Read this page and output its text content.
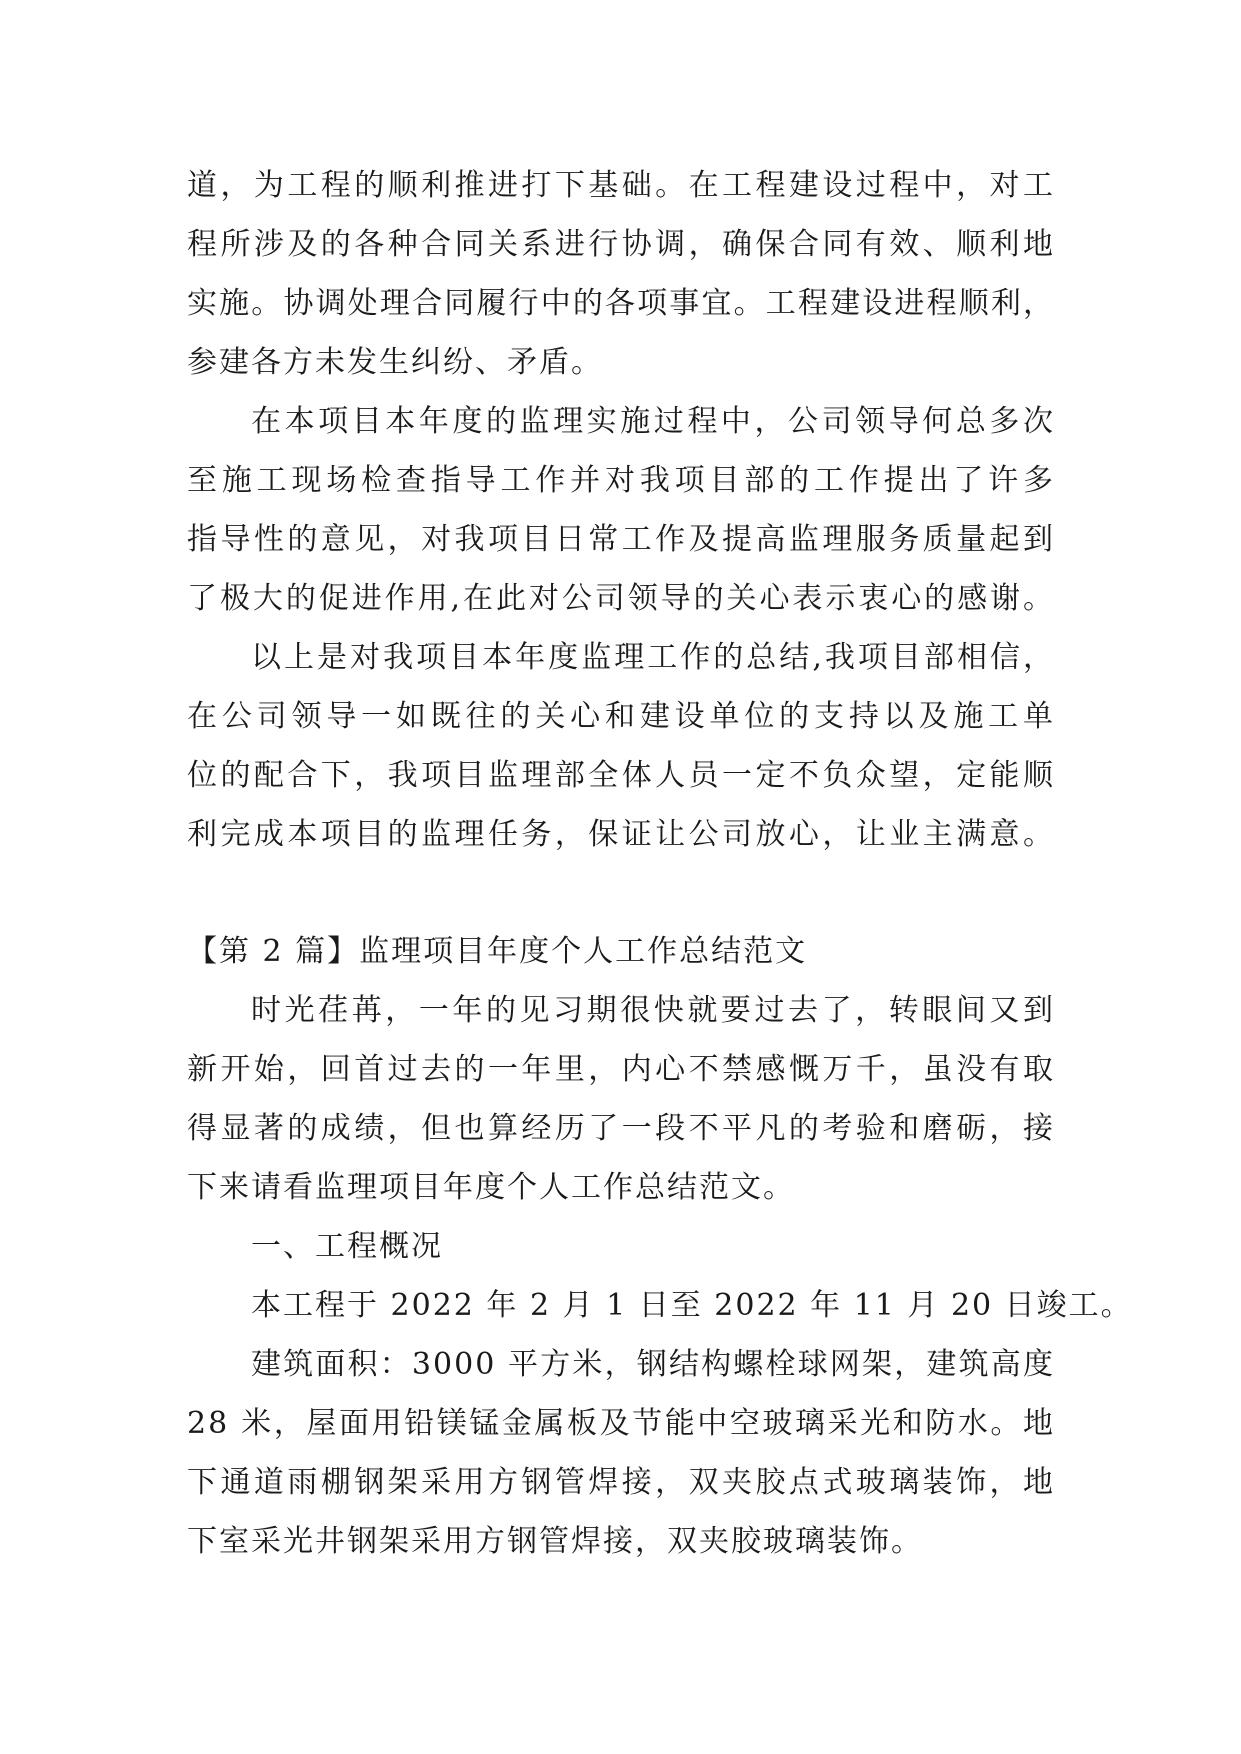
道，为工程的顺利推进打下基础。在工程建设过程中，对工
程所涉及的各种合同关系进行协调，确保合同有效、顺利地
实施。协调处理合同履行中的各项事宜。工程建设进程顺利，
参建各方未发生纠纷、矛盾。
在本项目本年度的监理实施过程中，公司领导何总多次
至施工现场检查指导工作并对我项目部的工作提出了许多
指导性的意见，对我项目日常工作及提高监理服务质量起到
了极大的促进作用,在此对公司领导的关心表示衷心的感谢。
以上是对我项目本年度监理工作的总结,我项目部相信，
在公司领导一如既往的关心和建设单位的支持以及施工单
位的配合下，我项目监理部全体人员一定不负众望，定能顺
利完成本项目的监理任务，保证让公司放心，让业主满意。
【第 2 篇】监理项目年度个人工作总结范文
时光荏苒，一年的见习期很快就要过去了，转眼间又到
新开始，回首过去的一年里，内心不禁感慨万千，虽没有取
得显著的成绩，但也算经历了一段不平凡的考验和磨砺，接
下来请看监理项目年度个人工作总结范文。
一、工程概况
本工程于 2022 年 2 月 1 日至 2022 年 11 月 20 日竣工。
建筑面积：3000 平方米，钢结构螺栓球网架，建筑高度
28 米，屋面用铅镁锰金属板及节能中空玻璃采光和防水。地
下通道雨棚钢架采用方钢管焊接，双夹胶点式玻璃装饰，地
下室采光井钢架采用方钢管焊接，双夹胶玻璃装饰。
